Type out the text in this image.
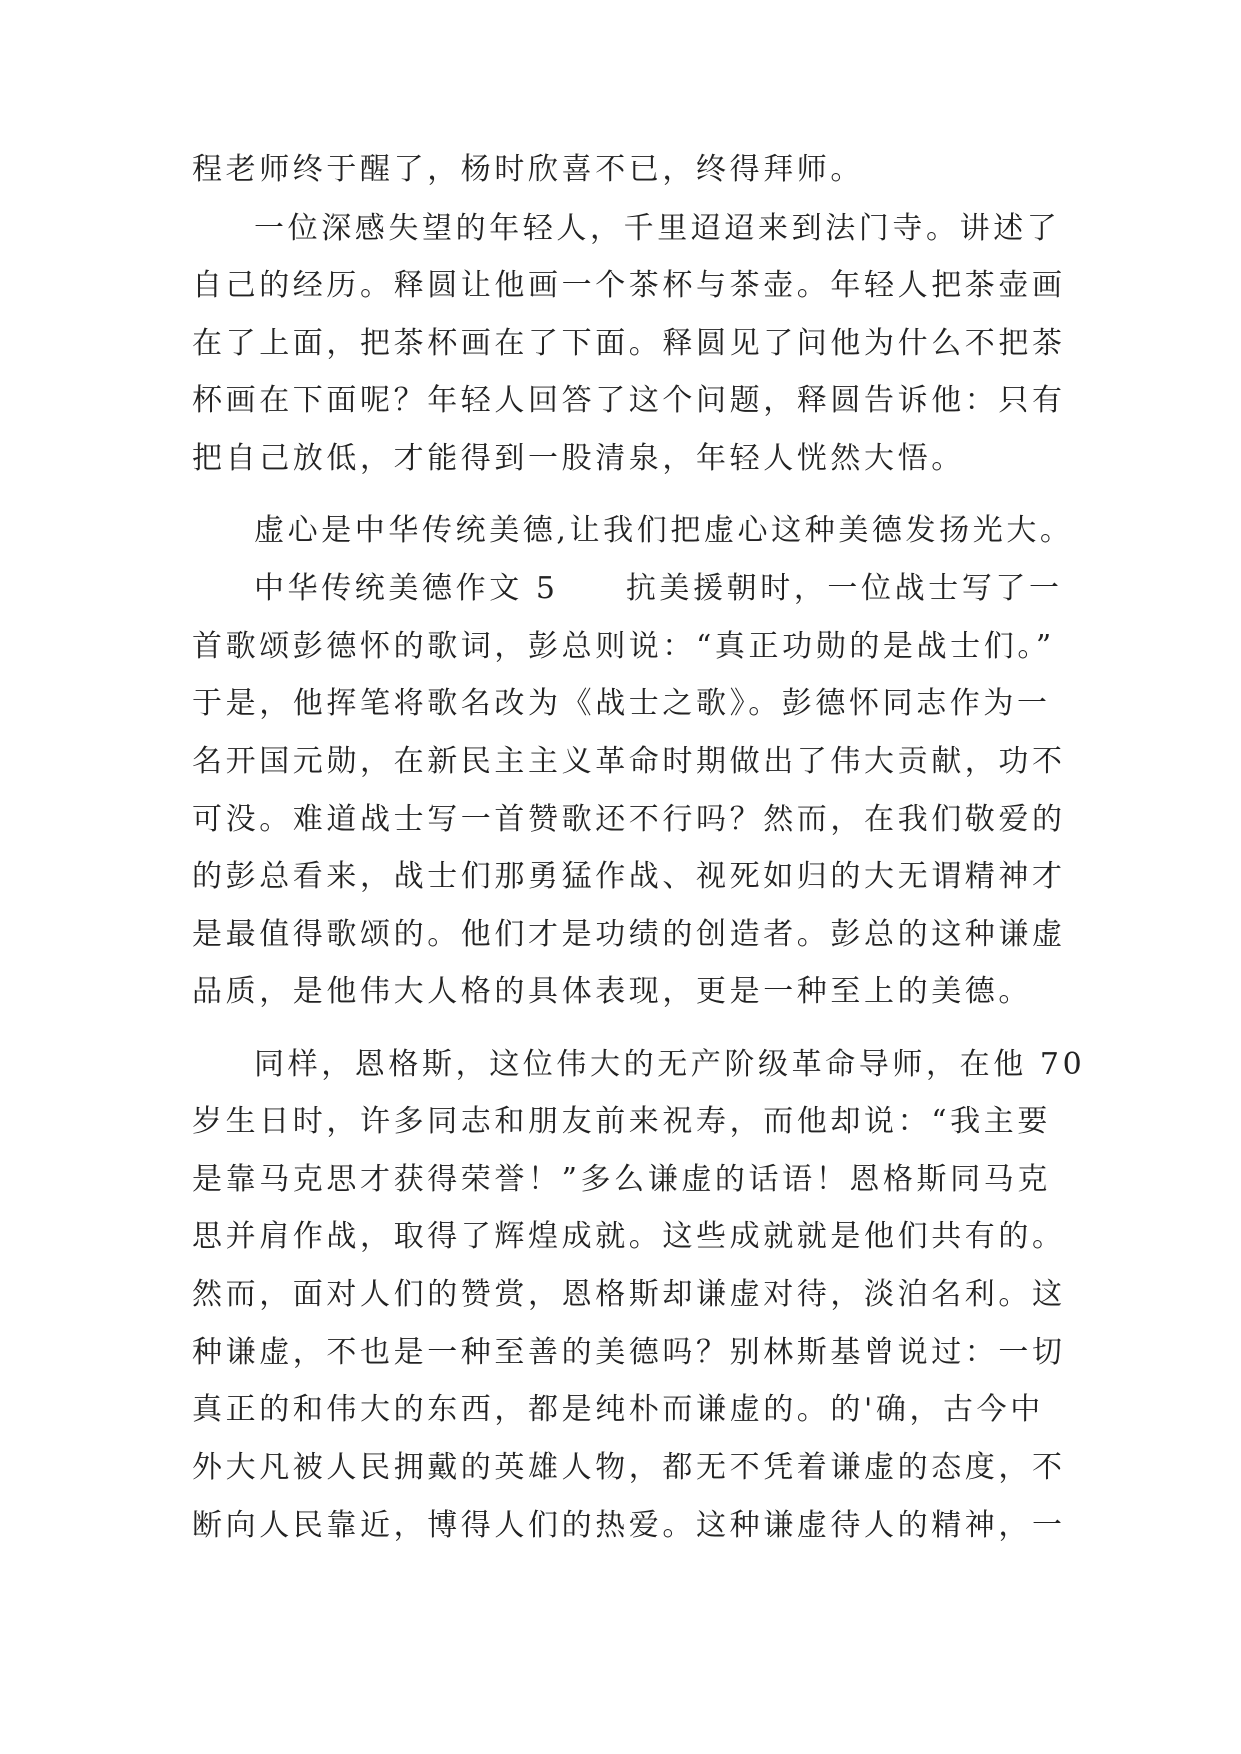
程老师终于醒了，杨时欣喜不已，终得拜师。
一位深感失望的年轻人，千里迢迢来到法门寺。讲述了
自己的经历。释圆让他画一个茶杯与茶壶。年轻人把茶壶画
在了上面，把茶杯画在了下面。释圆见了问他为什么不把茶
杯画在下面呢？年轻人回答了这个问题，释圆告诉他：只有
把自己放低，才能得到一股清泉，年轻人恍然大悟。
虚心是中华传统美德,让我们把虚心这种美德发扬光大。
中华传统美德作文 5　　抗美援朝时，一位战士写了一
首歌颂彭德怀的歌词，彭总则说：“真正功勋的是战士们。”
于是，他挥笔将歌名改为《战士之歌》。彭德怀同志作为一
名开国元勋，在新民主主义革命时期做出了伟大贡献，功不
可没。难道战士写一首赞歌还不行吗？然而，在我们敬爱的
的彭总看来，战士们那勇猛作战、视死如归的大无谓精神才
是最值得歌颂的。他们才是功绩的创造者。彭总的这种谦虚
品质，是他伟大人格的具体表现，更是一种至上的美德。
同样，恩格斯，这位伟大的无产阶级革命导师，在他 70
岁生日时，许多同志和朋友前来祝寿，而他却说：“我主要
是靠马克思才获得荣誉！”多么谦虚的话语！恩格斯同马克
思并肩作战，取得了辉煌成就。这些成就就是他们共有的。
然而，面对人们的赞赏，恩格斯却谦虚对待，淡泊名利。这
种谦虚，不也是一种至善的美德吗？别林斯基曾说过：一切
真正的和伟大的东西，都是纯朴而谦虚的。的'确，古今中
外大凡被人民拥戴的英雄人物，都无不凭着谦虚的态度，不
断向人民靠近，博得人们的热爱。这种谦虚待人的精神，一
